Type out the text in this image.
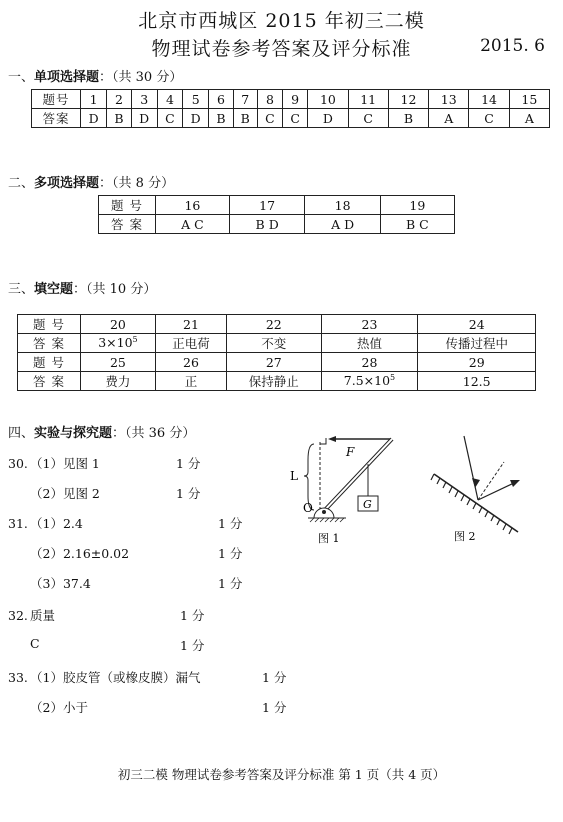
北京市西城区 2015 年初三二模
物理试卷参考答案及评分标准	2015. 6
一、单项选择题：（共 30 分）
题号	1	2	3	4	5	6	7	8	9	10	11	12	13	14	15
答案	D	B	D	C	D	B	B	C	C	D	C	B	A	C	A
二、多项选择题：（共 8 分）
题 号	16	17	18	19
答 案	A C	B D	A D	B C
三、填空题：（共 10 分）
题 号	20	21	22	23	24
答 案	$3\times 10^5$	正电荷	不变	热值	传播过程中
题 号	25	26	27	28	29
答 案	费力	正	保持静止	$7.5\times 10^5$	12.5
四、实验与探究题：（共 36 分）
30. （1）见图 1	1 分
（2）见图 2	1 分
31. （1）2.4	1 分
（2）2.16±0.02	1 分
（3）37.4	1 分
32. 质量	1 分
C	1 分
33. （1）胶皮管（或橡皮膜）漏气	1 分
（2）小于	1 分
L
F
O	G
图 1	图 2
初三二模 物理试卷参考答案及评分标准 第 1 页（共 4 页）
